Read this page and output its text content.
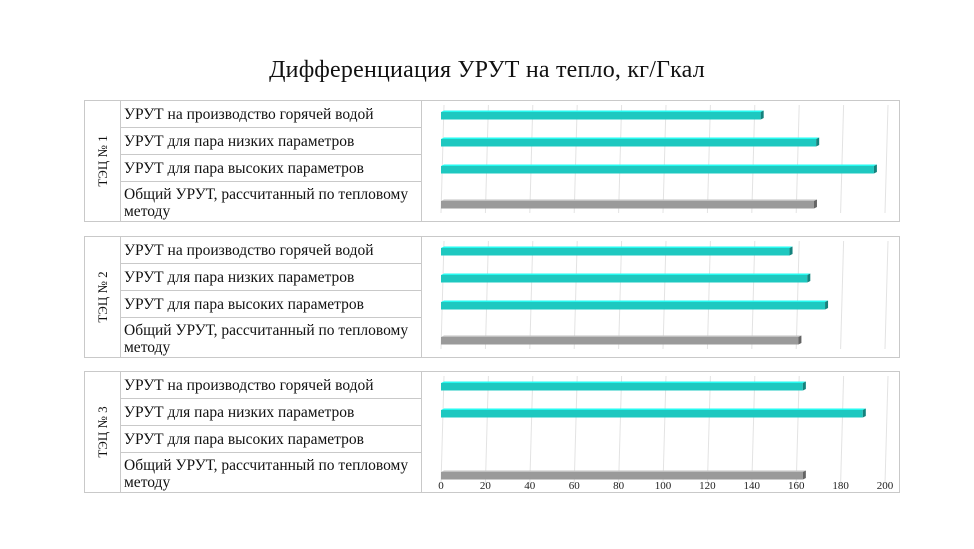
Дифференциация УРУТ на тепло, кг/Гкал
ТЭЦ № 1
УРУТ на производство горячей водой
УРУТ для пара низких параметров
УРУТ для пара высоких параметров
Общий УРУТ, рассчитанный по тепловому методу
ТЭЦ № 2
УРУТ на производство горячей водой
УРУТ для пара низких параметров
УРУТ для пара высоких параметров
Общий УРУТ, рассчитанный по тепловому методу
ТЭЦ № 3
УРУТ на производство горячей водой
УРУТ для пара низких параметров
УРУТ для пара высоких параметров
Общий УРУТ, рассчитанный по тепловому методу	0	20	40	60	80	100	120	140	160	180	200
